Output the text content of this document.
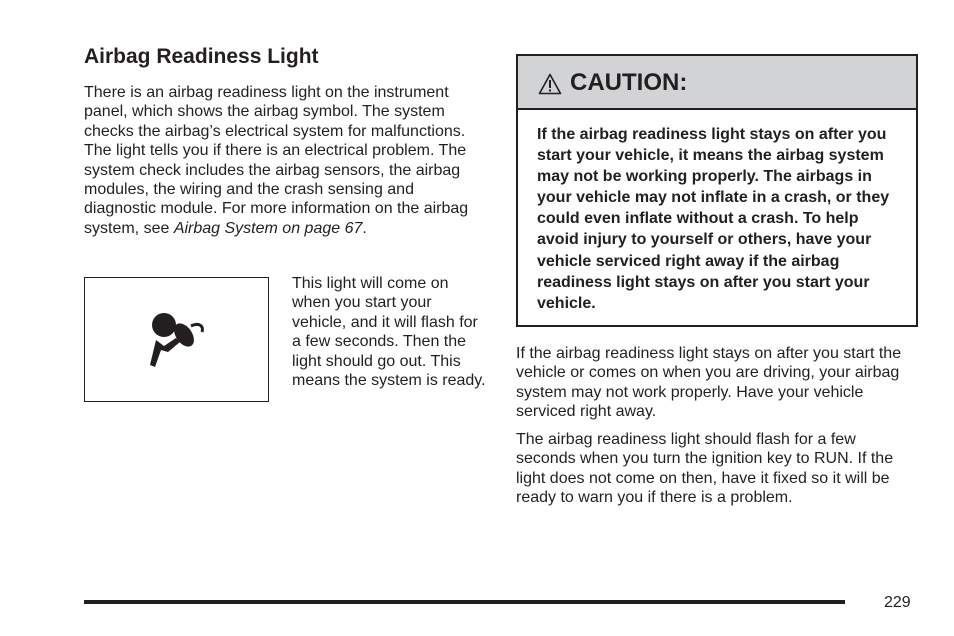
Airbag Readiness Light

There is an airbag readiness light on the instrument panel, which shows the airbag symbol. The system checks the airbag’s electrical system for malfunctions. The light tells you if there is an electrical problem. The system check includes the airbag sensors, the airbag modules, the wiring and the crash sensing and diagnostic module. For more information on the airbag system, see Airbag System on page 67.

This light will come on when you start your vehicle, and it will flash for a few seconds. Then the light should go out. This means the system is ready.

CAUTION:

If the airbag readiness light stays on after you start your vehicle, it means the airbag system may not be working properly. The airbags in your vehicle may not inflate in a crash, or they could even inflate without a crash. To help avoid injury to yourself or others, have your vehicle serviced right away if the airbag readiness light stays on after you start your vehicle.

If the airbag readiness light stays on after you start the vehicle or comes on when you are driving, your airbag system may not work properly. Have your vehicle serviced right away.

The airbag readiness light should flash for a few seconds when you turn the ignition key to RUN. If the light does not come on then, have it fixed so it will be ready to warn you if there is a problem.

229
